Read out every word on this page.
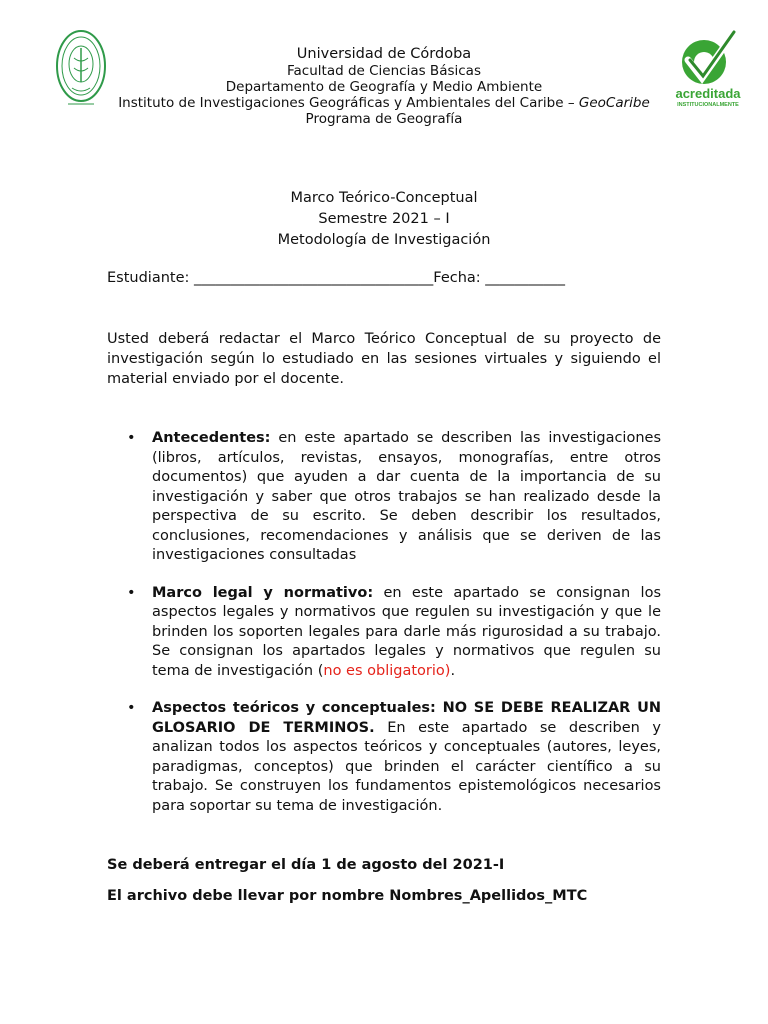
acreditada
INSTITUCIONALMENTE
Universidad de Córdoba
Facultad de Ciencias Básicas
Departamento de Geografía y Medio Ambiente
Instituto de Investigaciones Geográficas y Ambientales del Caribe – GeoCaribe
Programa de Geografía
Marco Teórico-Conceptual
Semestre 2021 – I
Metodología de Investigación
Estudiante: _________________________________Fecha: ___________
Usted deberá redactar el Marco Teórico Conceptual de su proyecto de investigación según lo estudiado en las sesiones virtuales y siguiendo el material enviado por el docente.
• Antecedentes: en este apartado se describen las investigaciones (libros, artículos, revistas, ensayos, monografías, entre otros documentos) que ayuden a dar cuenta de la importancia de su investigación y saber que otros trabajos se han realizado desde la perspectiva de su escrito. Se deben describir los resultados, conclusiones, recomendaciones y análisis que se deriven de las investigaciones consultadas
• Marco legal y normativo: en este apartado se consignan los aspectos legales y normativos que regulen su investigación y que le brinden los soporten legales para darle más rigurosidad a su trabajo. Se consignan los apartados legales y normativos que regulen su tema de investigación (no es obligatorio).
• Aspectos teóricos y conceptuales: NO SE DEBE REALIZAR UN GLOSARIO DE TERMINOS. En este apartado se describen y analizan todos los aspectos teóricos y conceptuales (autores, leyes, paradigmas, conceptos) que brinden el carácter científico a su trabajo. Se construyen los fundamentos epistemológicos necesarios para soportar su tema de investigación.
Se deberá entregar el día 1 de agosto del 2021-I
El archivo debe llevar por nombre Nombres_Apellidos_MTC
